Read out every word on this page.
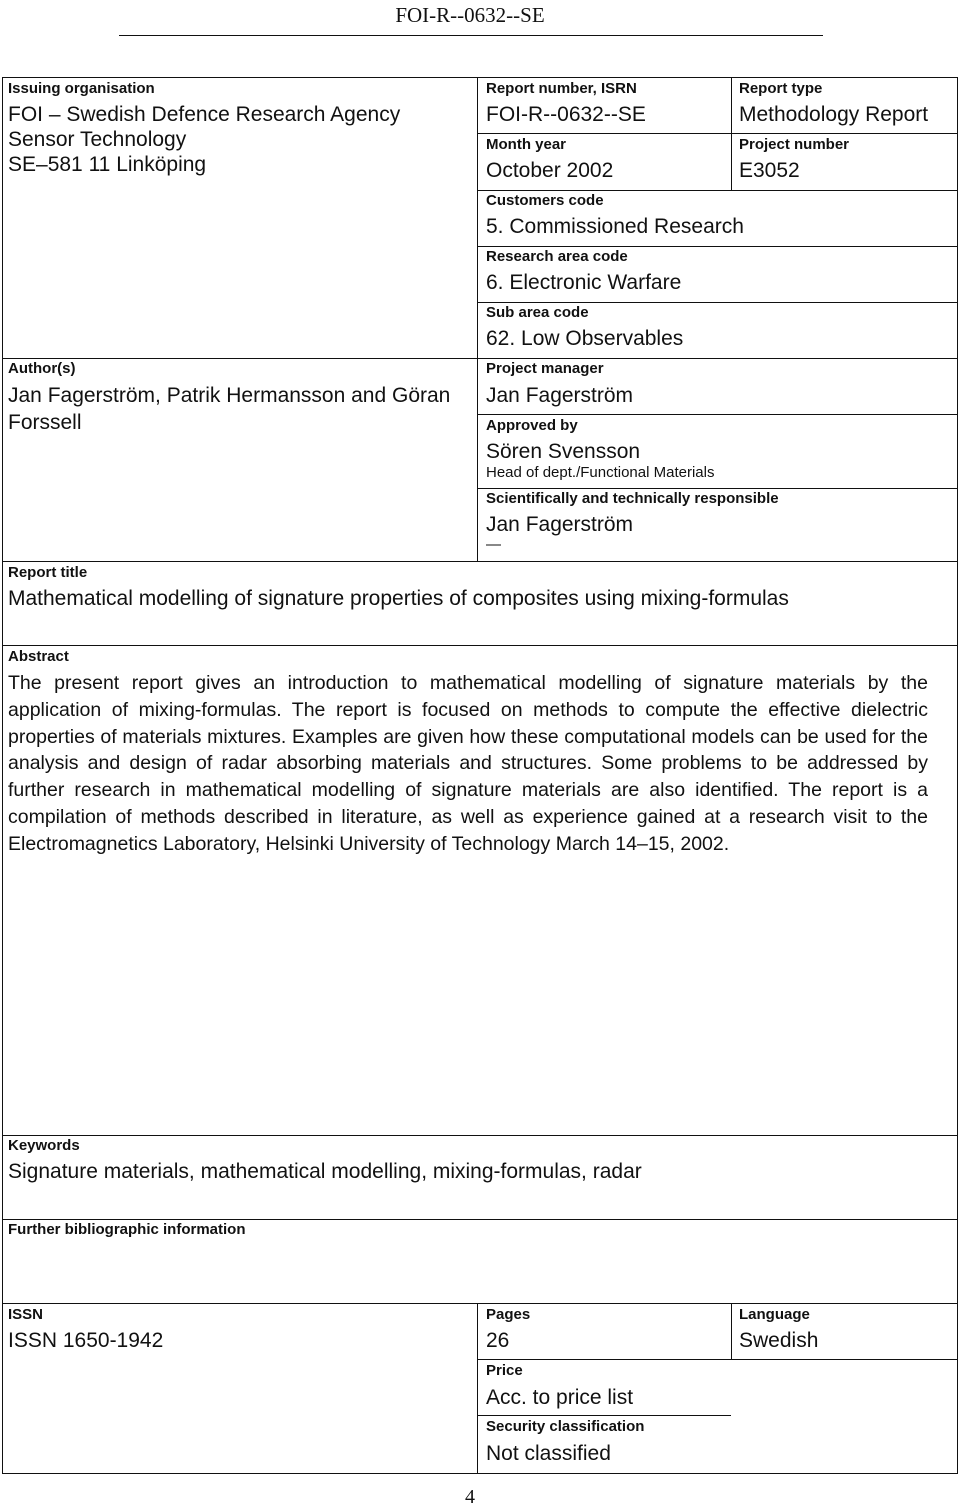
FOI-R--0632--SE
Issuing organisation
FOI – Swedish Defence Research Agency
Sensor Technology
SE–581 11 Linköping
Report number, ISRN
FOI-R--0632--SE
Report type
Methodology Report
Month year
October 2002
Project number
E3052
Customers code
5. Commissioned Research
Research area code
6. Electronic Warfare
Sub area code
62. Low Observables
Author(s)
Jan Fagerström, Patrik Hermansson and Göran
Forssell
Project manager
Jan Fagerström
Approved by
Sören Svensson
Head of dept./Functional Materials
Scientifically and technically responsible
Jan Fagerström
—
Report title
Mathematical modelling of signature properties of composites using mixing-formulas
Abstract
The present report gives an introduction to mathematical modelling of signature materials by the application of mixing-formulas. The report is focused on methods to compute the effective dielectric properties of materials mixtures. Examples are given how these computational models can be used for the analysis and design of radar absorbing materials and structures. Some problems to be addressed by further research in mathematical modelling of signature materials are also identified. The report is a compilation of methods described in literature, as well as experience gained at a research visit to the Electromagnetics Laboratory, Helsinki University of Technology March 14–15, 2002.
Keywords
Signature materials, mathematical modelling, mixing-formulas, radar
Further bibliographic information
ISSN
ISSN 1650-1942
Pages
26
Language
Swedish
Price
Acc. to price list
Security classification
Not classified
4
